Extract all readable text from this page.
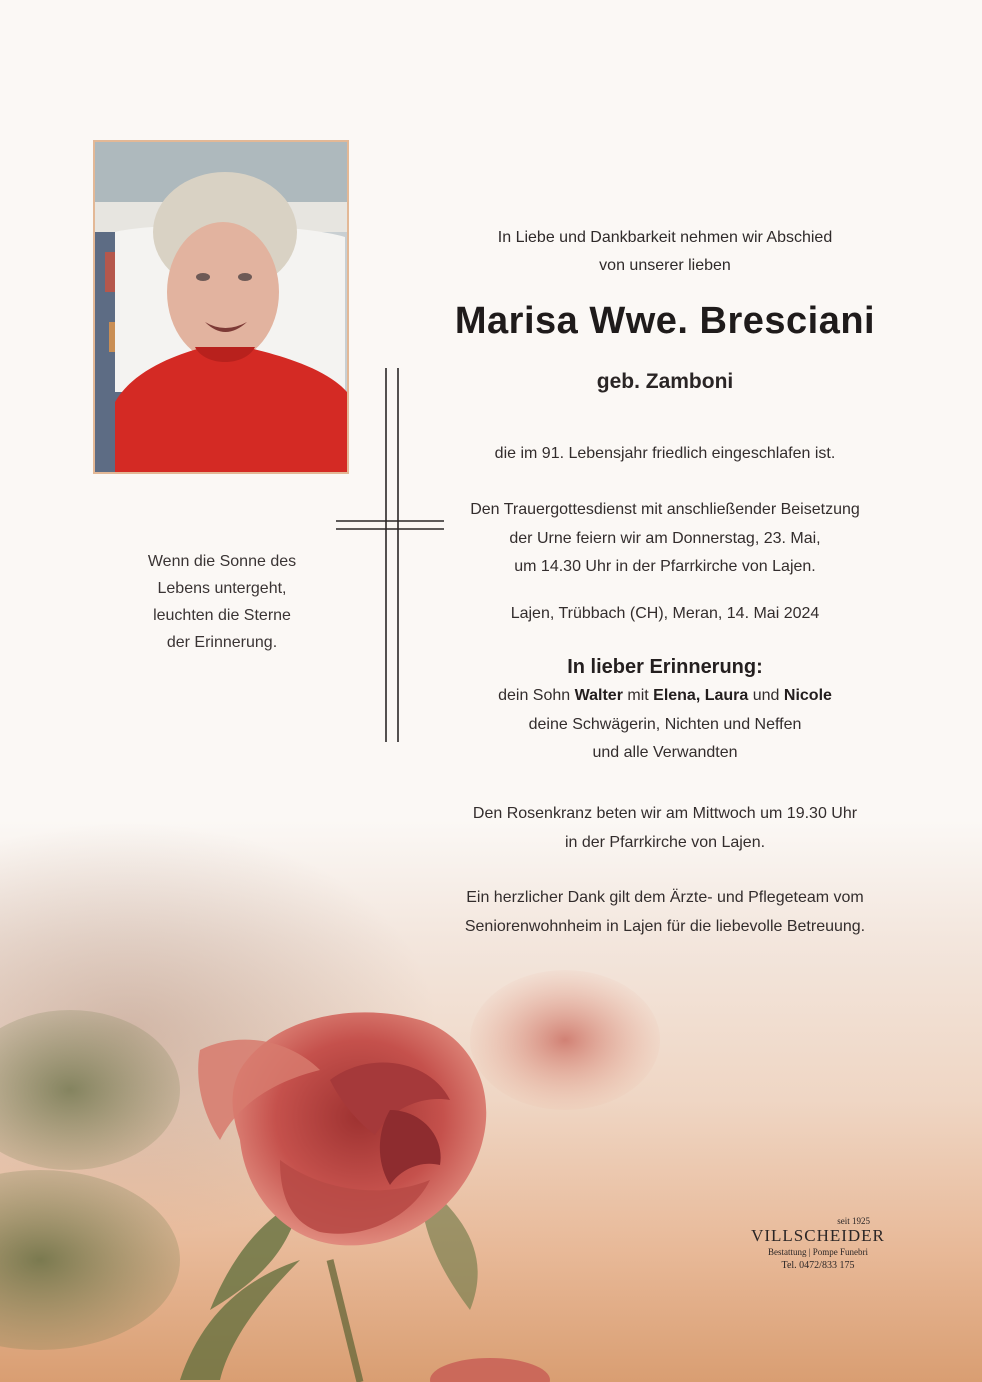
Wenn die Sonne des
Lebens untergeht,
leuchten die Sterne
der Erinnerung.
In Liebe und Dankbarkeit nehmen wir Abschied
von unserer lieben
Marisa Wwe. Bresciani
geb. Zamboni
die im 91. Lebensjahr friedlich eingeschlafen ist.
Den Trauergottesdienst mit anschließender Beisetzung
der Urne feiern wir am Donnerstag, 23. Mai,
um 14.30 Uhr in der Pfarrkirche von Lajen.
Lajen, Trübbach (CH), Meran, 14. Mai 2024
In lieber Erinnerung:
dein Sohn Walter mit Elena, Laura und Nicole
deine Schwägerin, Nichten und Neffen
und alle Verwandten
Den Rosenkranz beten wir am Mittwoch um 19.30 Uhr
in der Pfarrkirche von Lajen.
Ein herzlicher Dank gilt dem Ärzte- und Pflegeteam vom
Seniorenwohnheim in Lajen für die liebevolle Betreuung.
seit 1925
VILLSCHEIDER
Bestattung | Pompe Funebri
Tel. 0472/833 175
